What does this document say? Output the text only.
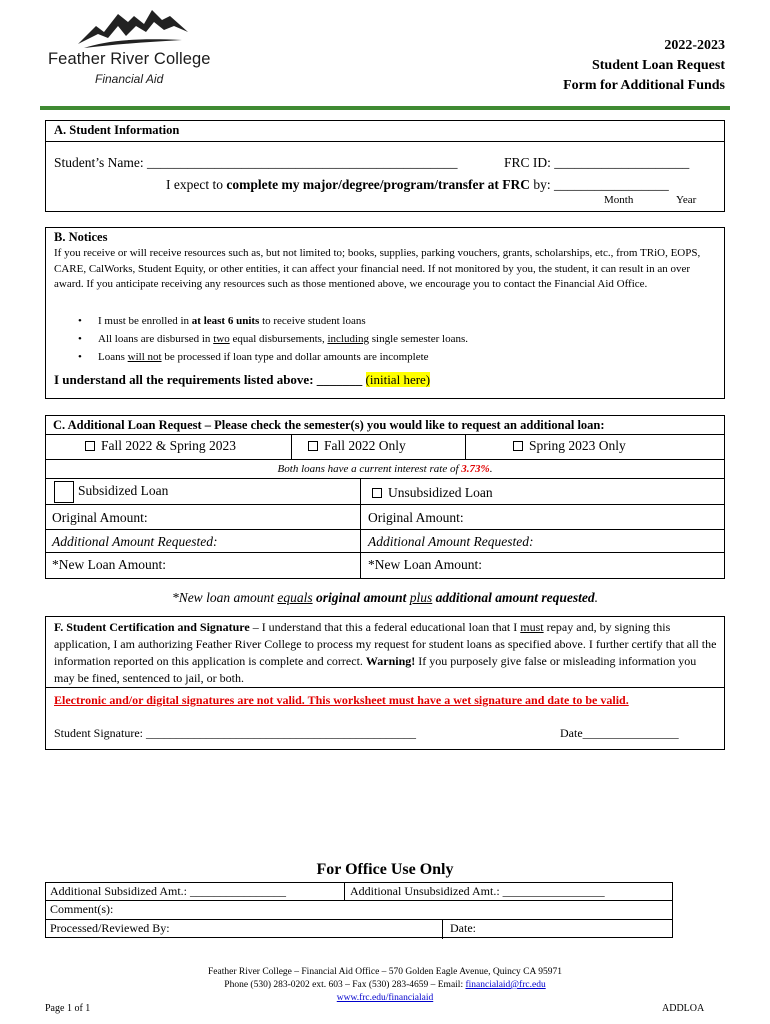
Feather River College
Financial Aid
2022-2023
Student Loan Request
Form for Additional Funds
A. Student Information
Student’s Name: ______________________________________________	FRC ID: ____________________
I expect to complete my major/degree/program/transfer at FRC by: _________________
Month	Year
B. Notices
If you receive or will receive resources such as, but not limited to; books, supplies, parking vouchers, grants, scholarships, etc., from TRiO, EOPS, CARE, CalWorks, Student Equity, or other entities, it can affect your financial need. If not monitored by you, the student, it can result in an over award. If you anticipate receiving any resources such as those mentioned above, we encourage you to contact the Financial Aid Office.
• I must be enrolled in at least 6 units to receive student loans
• All loans are disbursed in two equal disbursements, including single semester loans.
• Loans will not be processed if loan type and dollar amounts are incomplete
I understand all the requirements listed above: _______ (initial here)
C. Additional Loan Request – Please check the semester(s) you would like to request an additional loan:
Fall 2022 & Spring 2023	Fall 2022 Only	Spring 2023 Only
Both loans have a current interest rate of 3.73%.
Subsidized Loan	Unsubsidized Loan
Original Amount:	Original Amount:
Additional Amount Requested:	Additional Amount Requested:
*New Loan Amount:	*New Loan Amount:
*New loan amount equals original amount plus additional amount requested.
F. Student Certification and Signature – I understand that this a federal educational loan that I must repay and, by signing this application, I am authorizing Feather River College to process my request for student loans as specified above. I further certify that all the information reported on this application is complete and correct. Warning! If you purposely give false or misleading information you may be fined, sentenced to jail, or both.
Electronic and/or digital signatures are not valid. This worksheet must have a wet signature and date to be valid.
Student Signature: _____________________________________________	Date________________
For Office Use Only
Additional Subsidized Amt.: ________________	Additional Unsubsidized Amt.: _________________
Comment(s):
Processed/Reviewed By:	Date:
Feather River College – Financial Aid Office – 570 Golden Eagle Avenue, Quincy CA 95971
Phone (530) 283-0202 ext. 603 – Fax (530) 283-4659 – Email: financialaid@frc.edu
www.frc.edu/financialaid
Page 1 of 1	ADDLOA
